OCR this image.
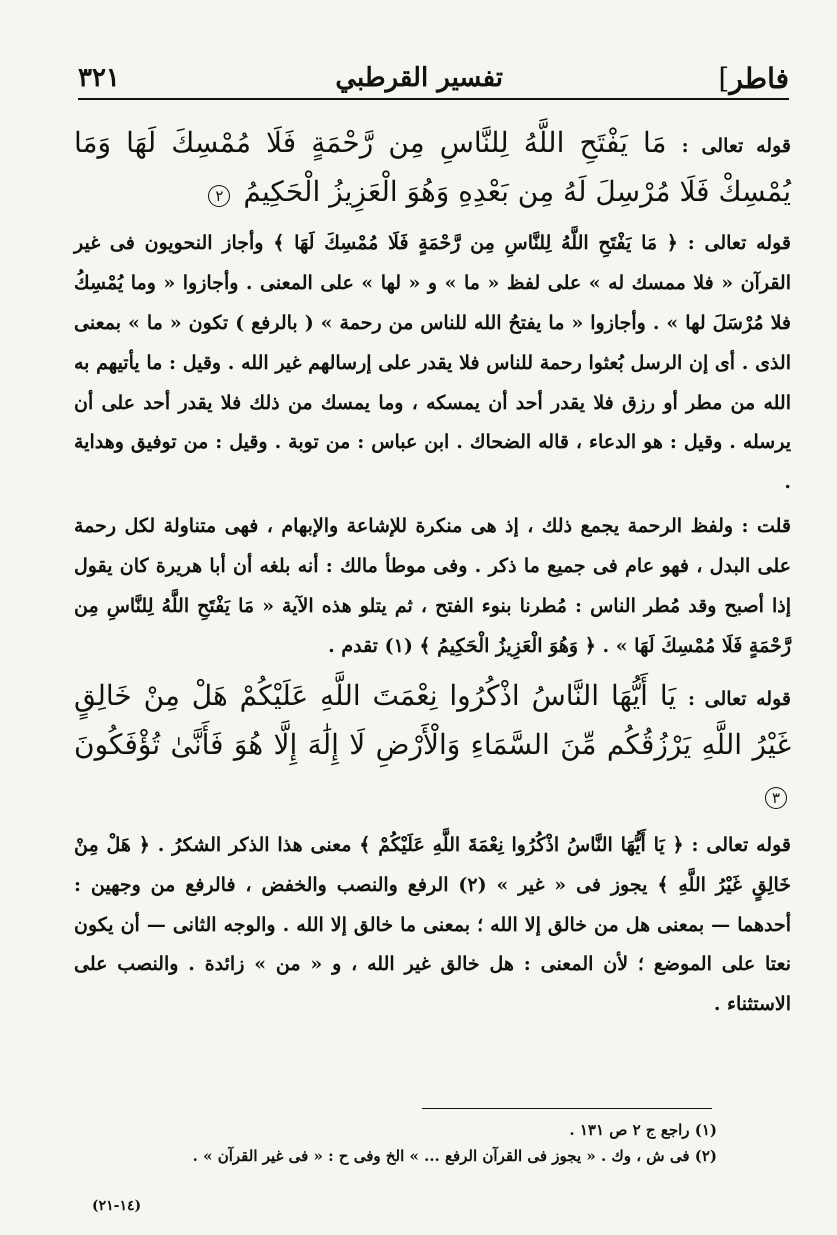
فاطر]
تفسير القرطبي
٣٢١

قوله تعالى : مَا يَفْتَحِ اللَّهُ لِلنَّاسِ مِن رَّحْمَةٍ فَلَا مُمْسِكَ لَهَا وَمَا يُمْسِكْ فَلَا مُرْسِلَ لَهُ مِن بَعْدِهِ وَهُوَ الْعَزِيزُ الْحَكِيمُ ٢

قوله تعالى : ﴿ مَا يَفْتَحِ اللَّهُ لِلنَّاسِ مِن رَّحْمَةٍ فَلَا مُمْسِكَ لَهَا ﴾ وأجاز النحويون فى غير القرآن « فلا ممسك له » على لفظ « ما » و « لها » على المعنى . وأجازوا « وما يُمْسِكُ فلا مُرْسَلَ لها » . وأجازوا « ما يفتحُ الله للناس من رحمة » ( بالرفع ) تكون « ما » بمعنى الذى . أى إن الرسل بُعثوا رحمة للناس فلا يقدر على إرسالهم غير الله . وقيل : ما يأتيهم به الله من مطر أو رزق فلا يقدر أحد أن يمسكه ، وما يمسك من ذلك فلا يقدر أحد على أن يرسله . وقيل : هو الدعاء ، قاله الضحاك . ابن عباس : من توبة . وقيل : من توفيق وهداية .

قلت : ولفظ الرحمة يجمع ذلك ، إذ هى منكرة للإشاعة والإبهام ، فهى متناولة لكل رحمة على البدل ، فهو عام فى جميع ما ذكر . وفى موطأ مالك : أنه بلغه أن أبا هريرة كان يقول إذا أصبح وقد مُطر الناس : مُطرنا بنوء الفتح ، ثم يتلو هذه الآية « مَا يَفْتَحِ اللَّهُ لِلنَّاسِ مِن رَّحْمَةٍ فَلَا مُمْسِكَ لَهَا » . ﴿ وَهُوَ الْعَزِيزُ الْحَكِيمُ ﴾ (١) تقدم .

قوله تعالى : يَا أَيُّهَا النَّاسُ اذْكُرُوا نِعْمَتَ اللَّهِ عَلَيْكُمْ هَلْ مِنْ خَالِقٍ غَيْرُ اللَّهِ يَرْزُقُكُم مِّنَ السَّمَاءِ وَالْأَرْضِ لَا إِلَٰهَ إِلَّا هُوَ فَأَنَّىٰ تُؤْفَكُونَ ٣

قوله تعالى : ﴿ يَا أَيُّهَا النَّاسُ اذْكُرُوا نِعْمَةَ اللَّهِ عَلَيْكُمْ ﴾ معنى هذا الذكر الشكرُ . ﴿ هَلْ مِنْ خَالِقٍ غَيْرُ اللَّهِ ﴾ يجوز فى « غير » (٢) الرفع والنصب والخفض ، فالرفع من وجهين : أحدهما — بمعنى هل من خالق إلا الله ؛ بمعنى ما خالق إلا الله . والوجه الثانى — أن يكون نعتا على الموضع ؛ لأن المعنى : هل خالق غير الله ، و « من » زائدة . والنصب على الاستثناء .

(١) راجع ج ٢ ص ١٣١ .
(٢) فى ش ، وك . « يجوز فى القرآن الرفع ... » الخ وفى ح : « فى غير القرآن » .
(١٤-٢١)
